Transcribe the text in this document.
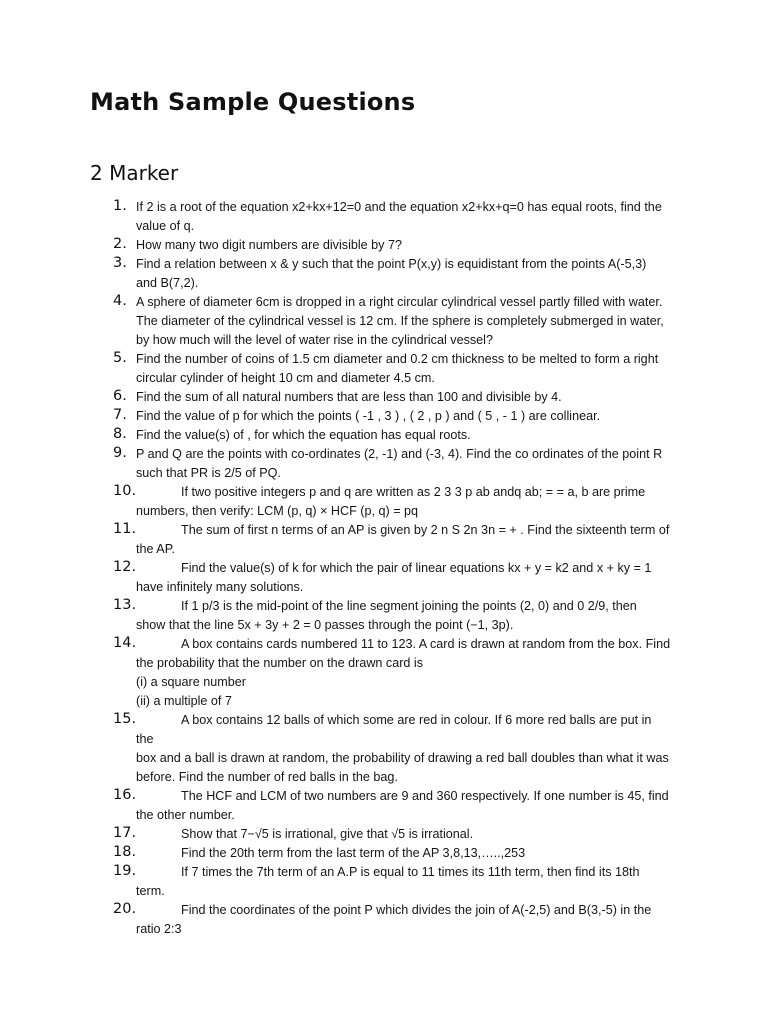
Math Sample Questions
2 Marker
1. If 2 is a root of the equation x2+kx+12=0 and the equation x2+kx+q=0 has equal roots, find the
value of q.
2. How many two digit numbers are divisible by 7?
3. Find a relation between x & y such that the point P(x,y) is equidistant from the points A(-5,3)
and B(7,2).
4. A sphere of diameter 6cm is dropped in a right circular cylindrical vessel partly filled with water.
The diameter of the cylindrical vessel is 12 cm. If the sphere is completely submerged in water,
by how much will the level of water rise in the cylindrical vessel?
5. Find the number of coins of 1.5 cm diameter and 0.2 cm thickness to be melted to form a right
circular cylinder of height 10 cm and diameter 4.5 cm.
6. Find the sum of all natural numbers that are less than 100 and divisible by 4.
7. Find the value of p for which the points ( -1 , 3 ) , ( 2 , p ) and ( 5 , - 1 ) are collinear.
8. Find the value(s) of , for which the equation has equal roots.
9. P and Q are the points with co-ordinates (2, -1) and (-3, 4). Find the co ordinates of the point R
such that PR is 2/5 of PQ.
10.	If two positive integers p and q are written as 2 3 3 p ab andq ab; = = a, b are prime
numbers, then verify: LCM (p, q) × HCF (p, q) = pq
11.	The sum of first n terms of an AP is given by 2 n S 2n 3n = + . Find the sixteenth term of
the AP.
12.	Find the value(s) of k for which the pair of linear equations kx + y = k2 and x + ky = 1
have infinitely many solutions.
13.	If 1 p/3 is the mid-point of the line segment joining the points (2, 0) and 0 2/9, then
show that the line 5x + 3y + 2 = 0 passes through the point (−1, 3p).
14.	A box contains cards numbered 11 to 123. A card is drawn at random from the box. Find
the probability that the number on the drawn card is
(i) a square number
(ii) a multiple of 7
15.	A box contains 12 balls of which some are red in colour. If 6 more red balls are put in the
box and a ball is drawn at random, the probability of drawing a red ball doubles than what it was
before. Find the number of red balls in the bag.
16.	The HCF and LCM of two numbers are 9 and 360 respectively. If one number is 45, find
the other number.
17.	Show that 7−√5 is irrational, give that √5 is irrational.
18.	Find the 20th term from the last term of the AP 3,8,13,…..,253
19.	If 7 times the 7th term of an A.P is equal to 11 times its 11th term, then find its 18th
term.
20.	Find the coordinates of the point P which divides the join of A(-2,5) and B(3,-5) in the
ratio 2:3
